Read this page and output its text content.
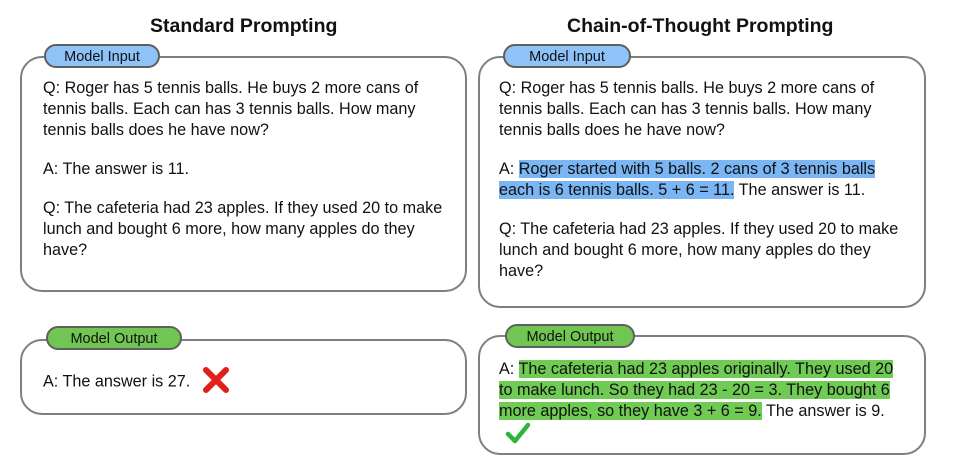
Standard Prompting

Q: Roger has 5 tennis balls. He buys 2 more cans of tennis balls. Each can has 3 tennis balls. How many tennis balls does he have now?

A: The answer is 11.

Q: The cafeteria had 23 apples. If they used 20 to make lunch and bought 6 more, how many apples do they have?

Model Input
A: The answer is 27.
Model Output
Chain-of-Thought Prompting

Q: Roger has 5 tennis balls. He buys 2 more cans of tennis balls. Each can has 3 tennis balls. How many tennis balls does he have now?

A: Roger started with 5 balls. 2 cans of 3 tennis balls each is 6 tennis balls. 5 + 6 = 11. The answer is 11.

Q: The cafeteria had 23 apples. If they used 20 to make lunch and bought 6 more, how many apples do they have?

Model Input

A: The cafeteria had 23 apples originally. They used 20 to make lunch. So they had 23 - 20 = 3. They bought 6 more apples, so they have 3 + 6 = 9. The answer is 9.

Model Output
